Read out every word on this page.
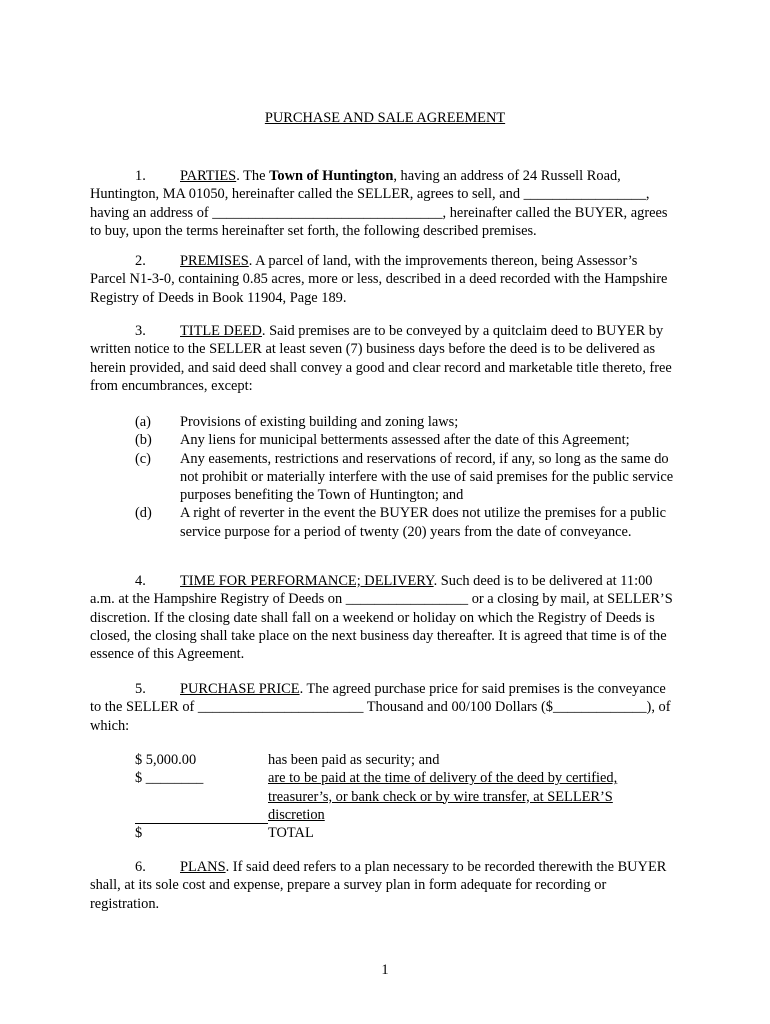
PURCHASE AND SALE AGREEMENT
1. PARTIES. The Town of Huntington, having an address of 24 Russell Road, Huntington, MA 01050, hereinafter called the SELLER, agrees to sell, and _________________, having an address of ________________________________, hereinafter called the BUYER, agrees to buy, upon the terms hereinafter set forth, the following described premises.
2. PREMISES. A parcel of land, with the improvements thereon, being Assessor’s Parcel N1-3-0, containing 0.85 acres, more or less, described in a deed recorded with the Hampshire Registry of Deeds in Book 11904, Page 189.
3. TITLE DEED. Said premises are to be conveyed by a quitclaim deed to BUYER by written notice to the SELLER at least seven (7) business days before the deed is to be delivered as herein provided, and said deed shall convey a good and clear record and marketable title thereto, free from encumbrances, except:
(a)	Provisions of existing building and zoning laws;
(b)	Any liens for municipal betterments assessed after the date of this Agreement;
(c)	Any easements, restrictions and reservations of record, if any, so long as the same do not prohibit or materially interfere with the use of said premises for the public service purposes benefiting the Town of Huntington; and
(d)	A right of reverter in the event the BUYER does not utilize the premises for a public service purpose for a period of twenty (20) years from the date of conveyance.
4. TIME FOR PERFORMANCE; DELIVERY. Such deed is to be delivered at 11:00 a.m. at the Hampshire Registry of Deeds on _________________ or a closing by mail, at SELLER’S discretion. If the closing date shall fall on a weekend or holiday on which the Registry of Deeds is closed, the closing shall take place on the next business day thereafter. It is agreed that time is of the essence of this Agreement.
5. PURCHASE PRICE. The agreed purchase price for said premises is the conveyance to the SELLER of _______________________ Thousand and 00/100 Dollars ($_____________), of which:
$ 5,000.00	has been paid as security; and
$ ________	are to be paid at the time of delivery of the deed by certified, treasurer’s, or bank check or by wire transfer, at SELLER’S discretion
$	TOTAL
6. PLANS. If said deed refers to a plan necessary to be recorded therewith the BUYER shall, at its sole cost and expense, prepare a survey plan in form adequate for recording or registration.
1
